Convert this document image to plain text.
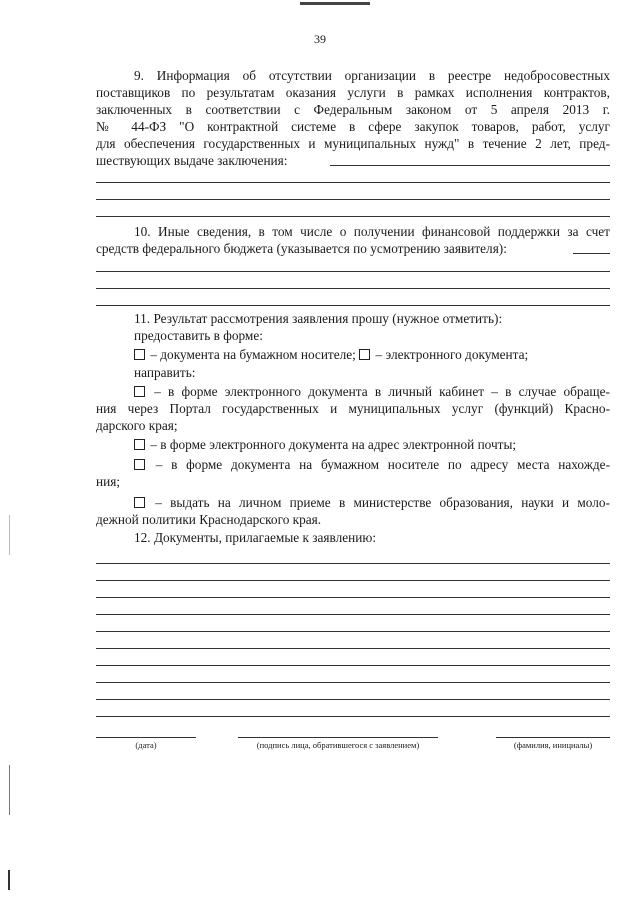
39
9. Информация об отсутствии организации в реестре недобросовестных
поставщиков по результатам оказания услуги в рамках исполнения контрактов,
заключенных в соответствии с Федеральным законом от 5 апреля 2013 г.
№ 44-ФЗ "О контрактной системе в сфере закупок товаров, работ, услуг
для обеспечения государственных и муниципальных нужд" в течение 2 лет, пред-
шествующих выдаче заключения:
10. Иные сведения, в том числе о получении финансовой поддержки за счет
средств федерального бюджета (указывается по усмотрению заявителя):
11. Результат рассмотрения заявления прошу (нужное отметить):
предоставить в форме:
– документа на бумажном носителе;  – электронного документа;
направить:
– в форме электронного документа в личный кабинет – в случае обраще-
ния через Портал государственных и муниципальных услуг (функций) Красно-
дарского края;
– в форме электронного документа на адрес электронной почты;
– в форме документа на бумажном носителе по адресу места нахожде-
ния;
– выдать на личном приеме в министерстве образования, науки и моло-
дежной политики Краснодарского края.
12. Документы, прилагаемые к заявлению:
(дата)	(подпись лица, обратившегося с заявлением)	(фамилия, инициалы)
